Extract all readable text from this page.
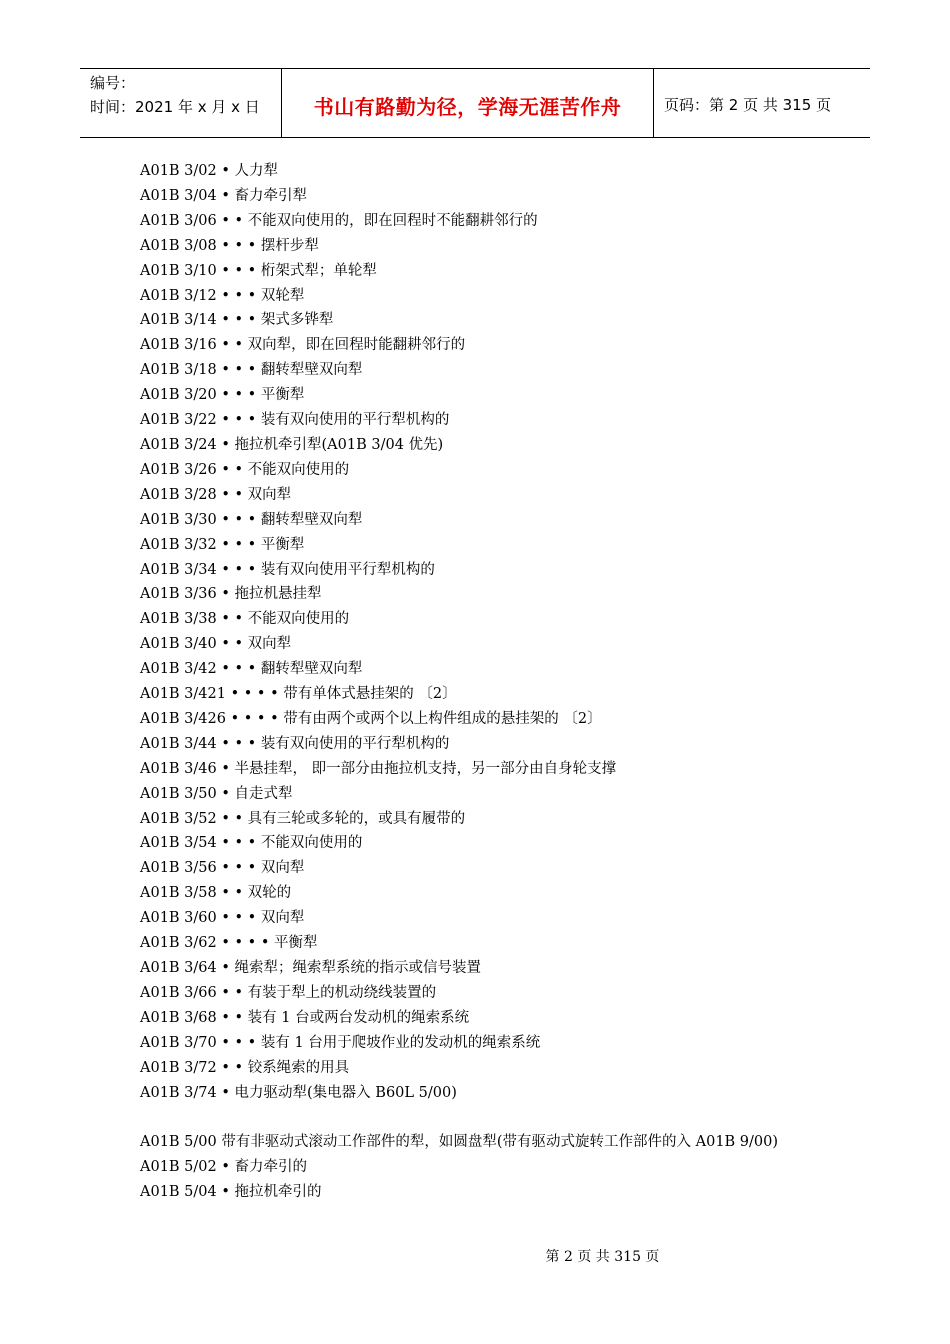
编号：
时间：2021 年 x 月 x 日	书山有路勤为径，学海无涯苦作舟	页码：第 2 页 共 315 页
A01B 3/02 • 人力犁
A01B 3/04 • 畜力牵引犁
A01B 3/06 • • 不能双向使用的，即在回程时不能翻耕邻行的
A01B 3/08 • • • 摆杆步犁
A01B 3/10 • • • 桁架式犁；单轮犁
A01B 3/12 • • • 双轮犁
A01B 3/14 • • • 架式多铧犁
A01B 3/16 • • 双向犁，即在回程时能翻耕邻行的
A01B 3/18 • • • 翻转犁壁双向犁
A01B 3/20 • • • 平衡犁
A01B 3/22 • • • 装有双向使用的平行犁机构的
A01B 3/24 • 拖拉机牵引犁(A01B 3/04 优先)
A01B 3/26 • • 不能双向使用的
A01B 3/28 • • 双向犁
A01B 3/30 • • • 翻转犁壁双向犁
A01B 3/32 • • • 平衡犁
A01B 3/34 • • • 装有双向使用平行犁机构的
A01B 3/36 • 拖拉机悬挂犁
A01B 3/38 • • 不能双向使用的
A01B 3/40 • • 双向犁
A01B 3/42 • • • 翻转犁壁双向犁
A01B 3/421 • • • • 带有单体式悬挂架的 〔2〕
A01B 3/426 • • • • 带有由两个或两个以上构件组成的悬挂架的 〔2〕
A01B 3/44 • • • 装有双向使用的平行犁机构的
A01B 3/46 • 半悬挂犁， 即一部分由拖拉机支持，另一部分由自身轮支撑
A01B 3/50 • 自走式犁
A01B 3/52 • • 具有三轮或多轮的，或具有履带的
A01B 3/54 • • • 不能双向使用的
A01B 3/56 • • • 双向犁
A01B 3/58 • • 双轮的
A01B 3/60 • • • 双向犁
A01B 3/62 • • • • 平衡犁
A01B 3/64 • 绳索犁；绳索犁系统的指示或信号装置
A01B 3/66 • • 有装于犁上的机动绕线装置的
A01B 3/68 • • 装有 1 台或两台发动机的绳索系统
A01B 3/70 • • • 装有 1 台用于爬坡作业的发动机的绳索系统
A01B 3/72 • • 铰系绳索的用具
A01B 3/74 • 电力驱动犁(集电器入 B60L 5/00)
A01B 5/00 带有非驱动式滚动工作部件的犁，如圆盘犁(带有驱动式旋转工作部件的入 A01B 9/00)
A01B 5/02 • 畜力牵引的
A01B 5/04 • 拖拉机牵引的
第 2 页 共 315 页
